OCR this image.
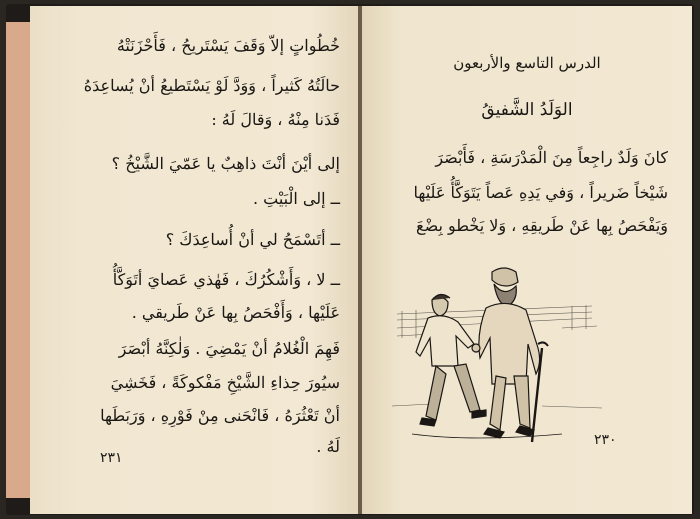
خُطُواتٍ إلاّ وَقَفَ يَسْتَريحُ ، فَأَحْزَنَتْهُ
حالَتُهُ كَثيراً ، وَوَدَّ لَوْ يَسْتَطيعُ أنْ يُساعِدَهُ
فَدَنا مِنْهُ ، وَقالَ لَهُ :
إلى أيْنَ أنْتَ ذاهِبٌ يا عَمّيَ الشَّيْخُ ؟
ــ إلى الْبَيْتِ .
ــ أتَسْمَحُ لي أنْ أُساعِدَكَ ؟
ــ لا ، وَأَشْكُرُكَ ، فَهٰذي عَصايَ أتَوَكَّأُ
عَلَيْها ، وَأَفْحَصُ بِها عَنْ طَريقي .
فَهِمَ الْغُلامُ أنْ يَمْضِيَ . وَلٰكِنَّهُ أبْصَرَ
سيُورَ حِذاءِ الشَّيْخِ مَفْكوكَةً ، فَخَشِيَ
أنْ تَعْثُرَهُ ، فَانْحَنى مِنْ فَوْرِهِ ، وَرَبَطَها
لَهُ .
٢٣١
الدرس التاسع والأربعون
الوَلَدُ الشَّفيقُ
كانَ وَلَدٌ راجِعاً مِنَ الْمَدْرَسَةِ ، فَأَبْصَرَ
شَيْخاً ضَريراً ، وَفي يَدِهِ عَصاً يَتَوَكَّأُ عَلَيْها
وَيَفْحَصُ بِها عَنْ طَريقِهِ ، وَلا يَخْطو بِضْعَ
٢٣٠
